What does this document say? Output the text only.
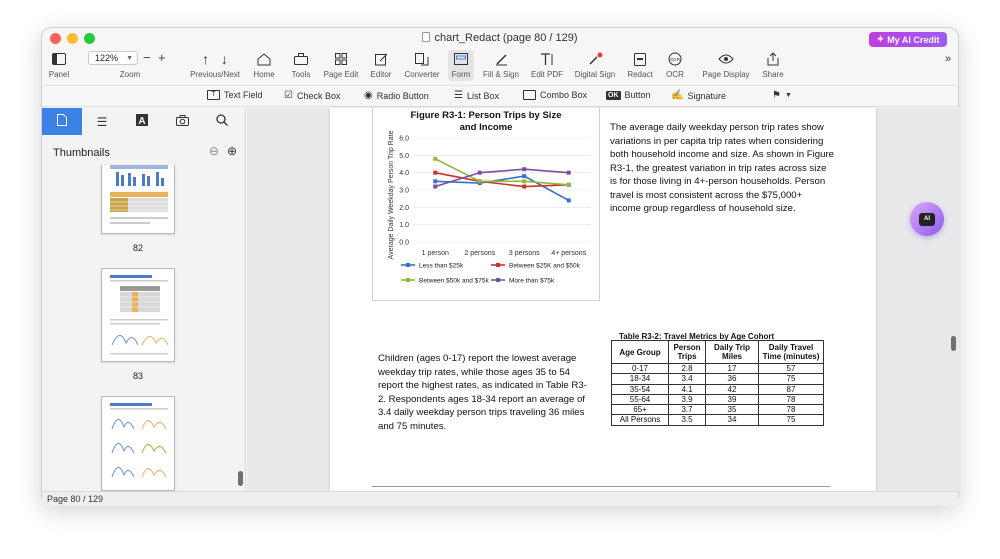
chart_Redact (page 80 / 129)	✦ My AI Credit
Panel
122% ▼ − +
Zoom
↑
↓
Previous/Next Home	Tools	Page Edit	Editor	Converter	Form	Fill & Sign	Edit PDF	Digital Sign	Redact
OCR
OCR	Page Display	Share
»
T Text Field ☑ Check Box ◉ Radio Button	☰ List Box	Combo Box	OK Button ✍ Signature	⚑ ▼
☰	A
Thumbnails	⊖ ⊕
82
83
Figure R3-1: Person Trips by Size
and Income
0.0
1.0
2.0
3.0
4.0
5.0
6.0
Average Daily Weekday Person Trip Rate	1 person 2 persons 3 persons 4+ persons
Less than $25k	Between $25K and $50k
Between $50k and $75k	More than $75k
The average daily weekday person trip rates show variations in per capita trip rates when considering both household income and size. As shown in Figure R3-1, the greatest variation in trip rates across size is for those living in 4+-person households. Person travel is most consistent across the $75,000+ income group regardless of household size.
Children (ages 0-17) report the lowest average weekday trip rates, while those ages 35 to 54 report the highest rates, as indicated in Table R3-2. Respondents ages 18-34 report an average of 3.4 daily weekday person trips traveling 36 miles and 75 minutes.
Table R3-2: Travel Metrics by Age Cohort
Age Group	Person Trips	Daily Trip Miles	Daily Travel Time (minutes)
0-17	2.8	17	57
18-34	3.4	36	75
35-54	4.1	42	87
55-64	3.9	39	78
65+	3.7	35	78
All Persons	3.5	34	75
AI
Page 80 / 129
